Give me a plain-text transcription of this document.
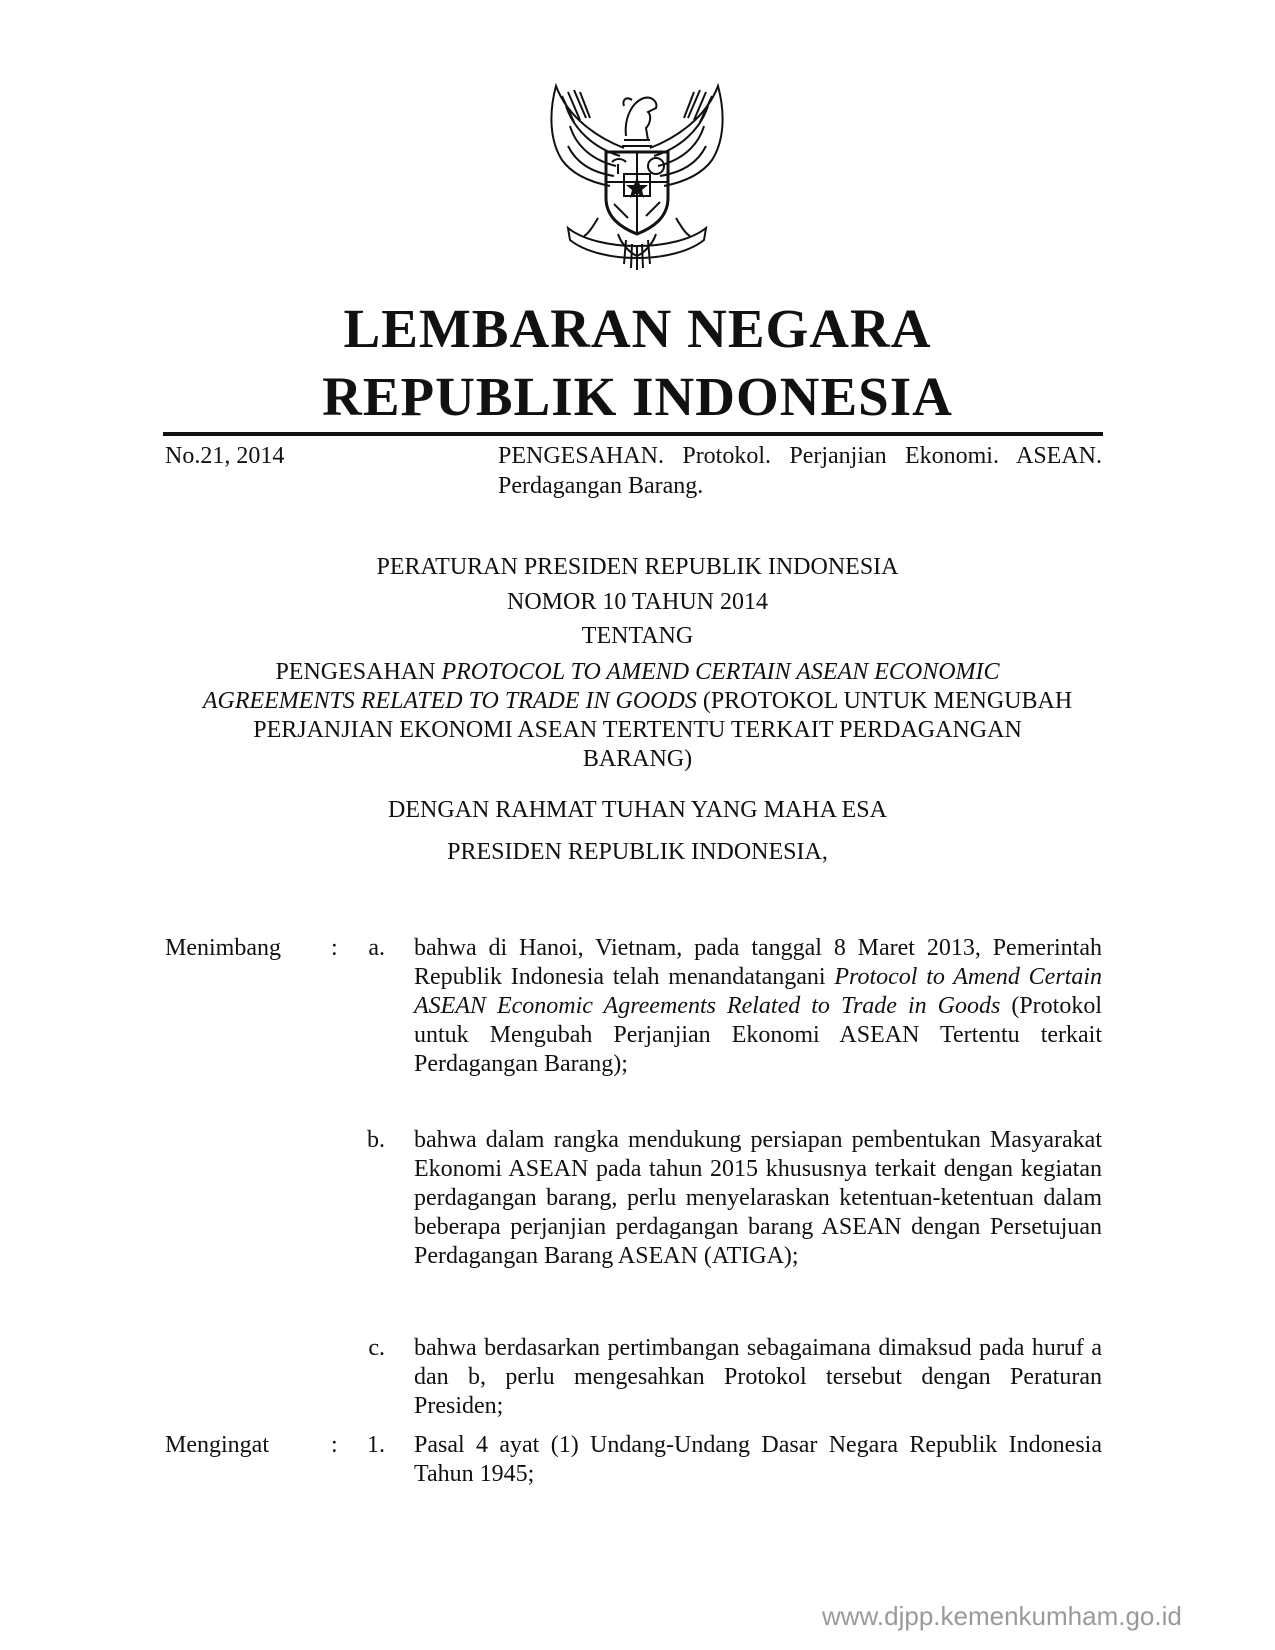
LEMBARAN NEGARA
REPUBLIK INDONESIA
No.21, 2014	PENGESAHAN. Protokol. Perjanjian Ekonomi. ASEAN. Perdagangan Barang.
PERATURAN PRESIDEN REPUBLIK INDONESIA
NOMOR 10 TAHUN 2014
TENTANG
PENGESAHAN PROTOCOL TO AMEND CERTAIN ASEAN ECONOMIC AGREEMENTS RELATED TO TRADE IN GOODS (PROTOKOL UNTUK MENGUBAH PERJANJIAN EKONOMI ASEAN TERTENTU TERKAIT PERDAGANGAN BARANG)
DENGAN RAHMAT TUHAN YANG MAHA ESA
PRESIDEN REPUBLIK INDONESIA,
Menimbang :	a. bahwa di Hanoi, Vietnam, pada tanggal 8 Maret 2013, Pemerintah Republik Indonesia telah menandatangani Protocol to Amend Certain ASEAN Economic Agreements Related to Trade in Goods (Protokol untuk Mengubah Perjanjian Ekonomi ASEAN Tertentu terkait Perdagangan Barang);
b. bahwa dalam rangka mendukung persiapan pembentukan Masyarakat Ekonomi ASEAN pada tahun 2015 khususnya terkait dengan kegiatan perdagangan barang, perlu menyelaraskan ketentuan-ketentuan dalam beberapa perjanjian perdagangan barang ASEAN dengan Persetujuan Perdagangan Barang ASEAN (ATIGA);
c. bahwa berdasarkan pertimbangan sebagaimana dimaksud pada huruf a dan b, perlu mengesahkan Protokol tersebut dengan Peraturan Presiden;
Mengingat	:	1. Pasal 4 ayat (1) Undang-Undang Dasar Negara Republik Indonesia Tahun 1945;
www.djpp.kemenkumham.go.id
